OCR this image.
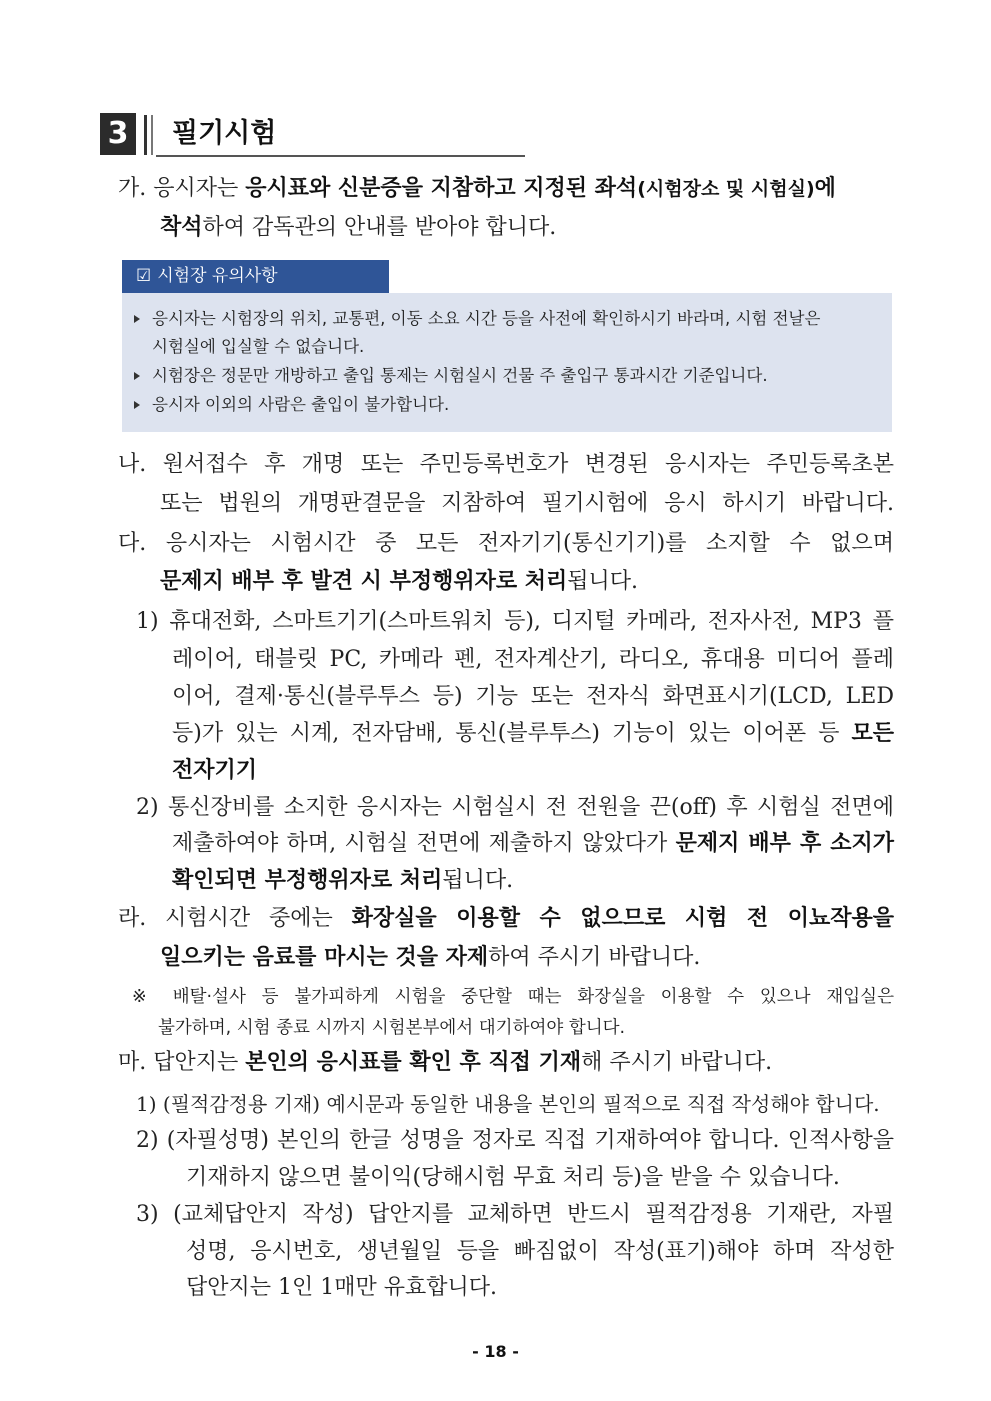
3 필기시험
가. 응시자는 응시표와 신분증을 지참하고 지정된 좌석(시험장소 및 시험실)에
착석하여 감독관의 안내를 받아야 합니다.
☑ 시험장 유의사항
응시자는 시험장의 위치, 교통편, 이동 소요 시간 등을 사전에 확인하시기 바라며, 시험 전날은
시험실에 입실할 수 없습니다.
시험장은 정문만 개방하고 출입 통제는 시험실시 건물 주 출입구 통과시간 기준입니다.
응시자 이외의 사람은 출입이 불가합니다.
나. 원서접수 후 개명 또는 주민등록번호가 변경된 응시자는 주민등록초본
또는 법원의 개명판결문을 지참하여 필기시험에 응시 하시기 바랍니다.
다. 응시자는 시험시간 중 모든 전자기기(통신기기)를 소지할 수 없으며
문제지 배부 후 발견 시 부정행위자로 처리됩니다.
1) 휴대전화, 스마트기기(스마트워치 등), 디지털 카메라, 전자사전, MP3 플
레이어, 태블릿 PC, 카메라 펜, 전자계산기, 라디오, 휴대용 미디어 플레
이어, 결제·통신(블루투스 등) 기능 또는 전자식 화면표시기(LCD, LED
등)가 있는 시계, 전자담배, 통신(블루투스) 기능이 있는 이어폰 등 모든
전자기기
2) 통신장비를 소지한 응시자는 시험실시 전 전원을 끈(off) 후 시험실 전면에
제출하여야 하며, 시험실 전면에 제출하지 않았다가 문제지 배부 후 소지가
확인되면 부정행위자로 처리됩니다.
라. 시험시간 중에는 화장실을 이용할 수 없으므로 시험 전 이뇨작용을
일으키는 음료를 마시는 것을 자제하여 주시기 바랍니다.
※ 배탈·설사 등 불가피하게 시험을 중단할 때는 화장실을 이용할 수 있으나 재입실은
불가하며, 시험 종료 시까지 시험본부에서 대기하여야 합니다.
마. 답안지는 본인의 응시표를 확인 후 직접 기재해 주시기 바랍니다.
1) (필적감정용 기재) 예시문과 동일한 내용을 본인의 필적으로 직접 작성해야 합니다.
2) (자필성명) 본인의 한글 성명을 정자로 직접 기재하여야 합니다. 인적사항을
기재하지 않으면 불이익(당해시험 무효 처리 등)을 받을 수 있습니다.
3) (교체답안지 작성) 답안지를 교체하면 반드시 필적감정용 기재란, 자필
성명, 응시번호, 생년월일 등을 빠짐없이 작성(표기)해야 하며 작성한
답안지는 1인 1매만 유효합니다.
- 18 -
